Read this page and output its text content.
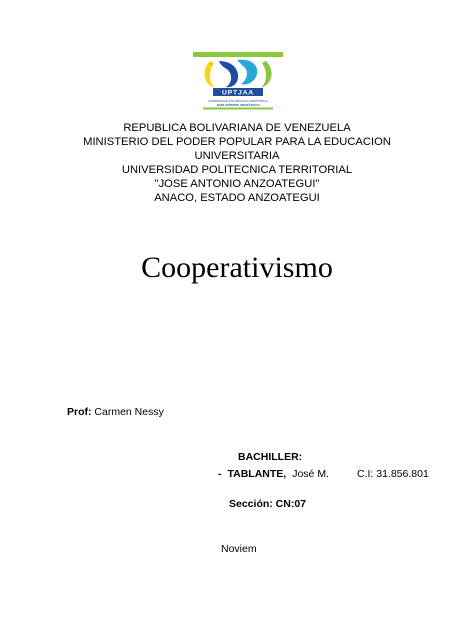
UPTJAA
UNIVERSIDAD POLITÉCNICA TERRITORIAL
JOSÉ ANTONIO ANZOÁTEGUI
REPUBLICA BOLIVARIANA DE VENEZUELA
MINISTERIO DEL PODER POPULAR PARA LA EDUCACION
UNIVERSITARIA
UNIVERSIDAD POLITECNICA TERRITORIAL
"JOSE ANTONIO ANZOATEGUI"
ANACO, ESTADO ANZOATEGUI
Cooperativismo
Prof: Carmen Nessy
BACHILLER:
- TABLANTE, José M.	C.I: 31.856.801
Sección: CN:07
Noviem
